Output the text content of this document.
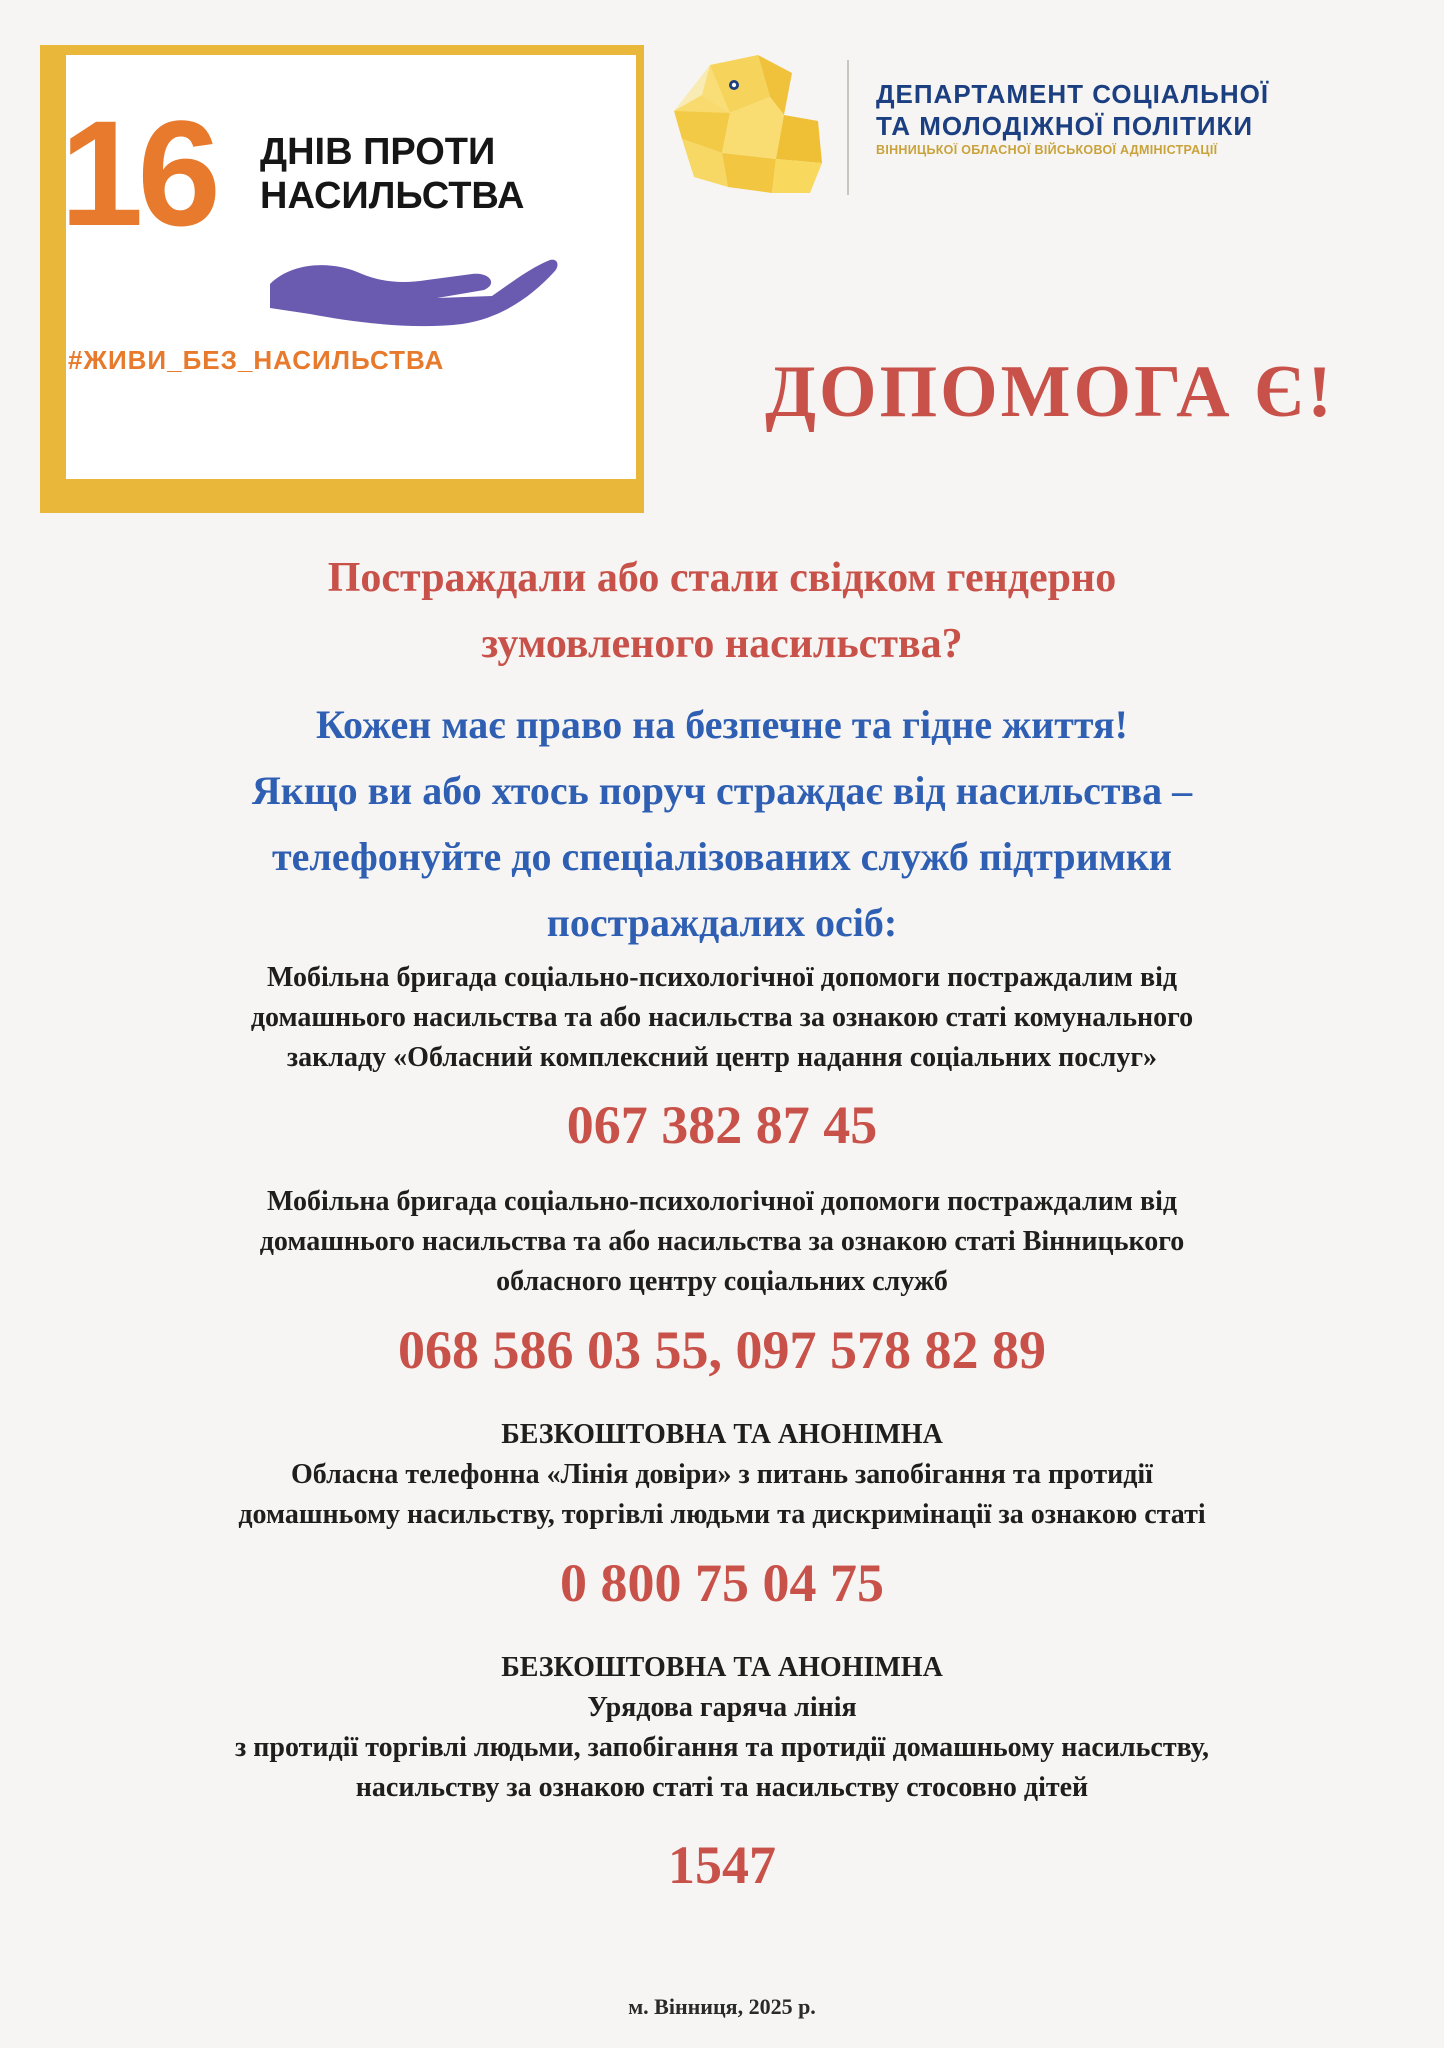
16 ДНІВ ПРОТИ
НАСИЛЬСТВА
#ЖИВИ_БЕЗ_НАСИЛЬСТВА
ДЕПАРТАМЕНТ СОЦІАЛЬНОЇ
ТА МОЛОДІЖНОЇ ПОЛІТИКИ
ВІННИЦЬКОЇ ОБЛАСНОЇ ВІЙСЬКОВОЇ АДМІНІСТРАЦІЇ
ДОПОМОГА Є!
Постраждали або стали свідком гендерно
зумовленого насильства?
Кожен має право на безпечне та гідне життя!
Якщо ви або хтось поруч страждає від насильства –
телефонуйте до спеціалізованих служб підтримки
постраждалих осіб:
Мобільна бригада соціально-психологічної допомоги постраждалим від
домашнього насильства та або насильства за ознакою статі комунального
закладу «Обласний комплексний центр надання соціальних послуг»
067 382 87 45
Мобільна бригада соціально-психологічної допомоги постраждалим від
домашнього насильства та або насильства за ознакою статі Вінницького
обласного центру соціальних служб
068 586 03 55, 097 578 82 89
БЕЗКОШТОВНА ТА АНОНІМНА
Обласна телефонна «Лінія довіри» з питань запобігання та протидії
домашньому насильству, торгівлі людьми та дискримінації за ознакою статі
0 800 75 04 75
БЕЗКОШТОВНА ТА АНОНІМНА
Урядова гаряча лінія
з протидії торгівлі людьми, запобігання та протидії домашньому насильству,
насильству за ознакою статі та насильству стосовно дітей
1547
м. Вінниця, 2025 р.
